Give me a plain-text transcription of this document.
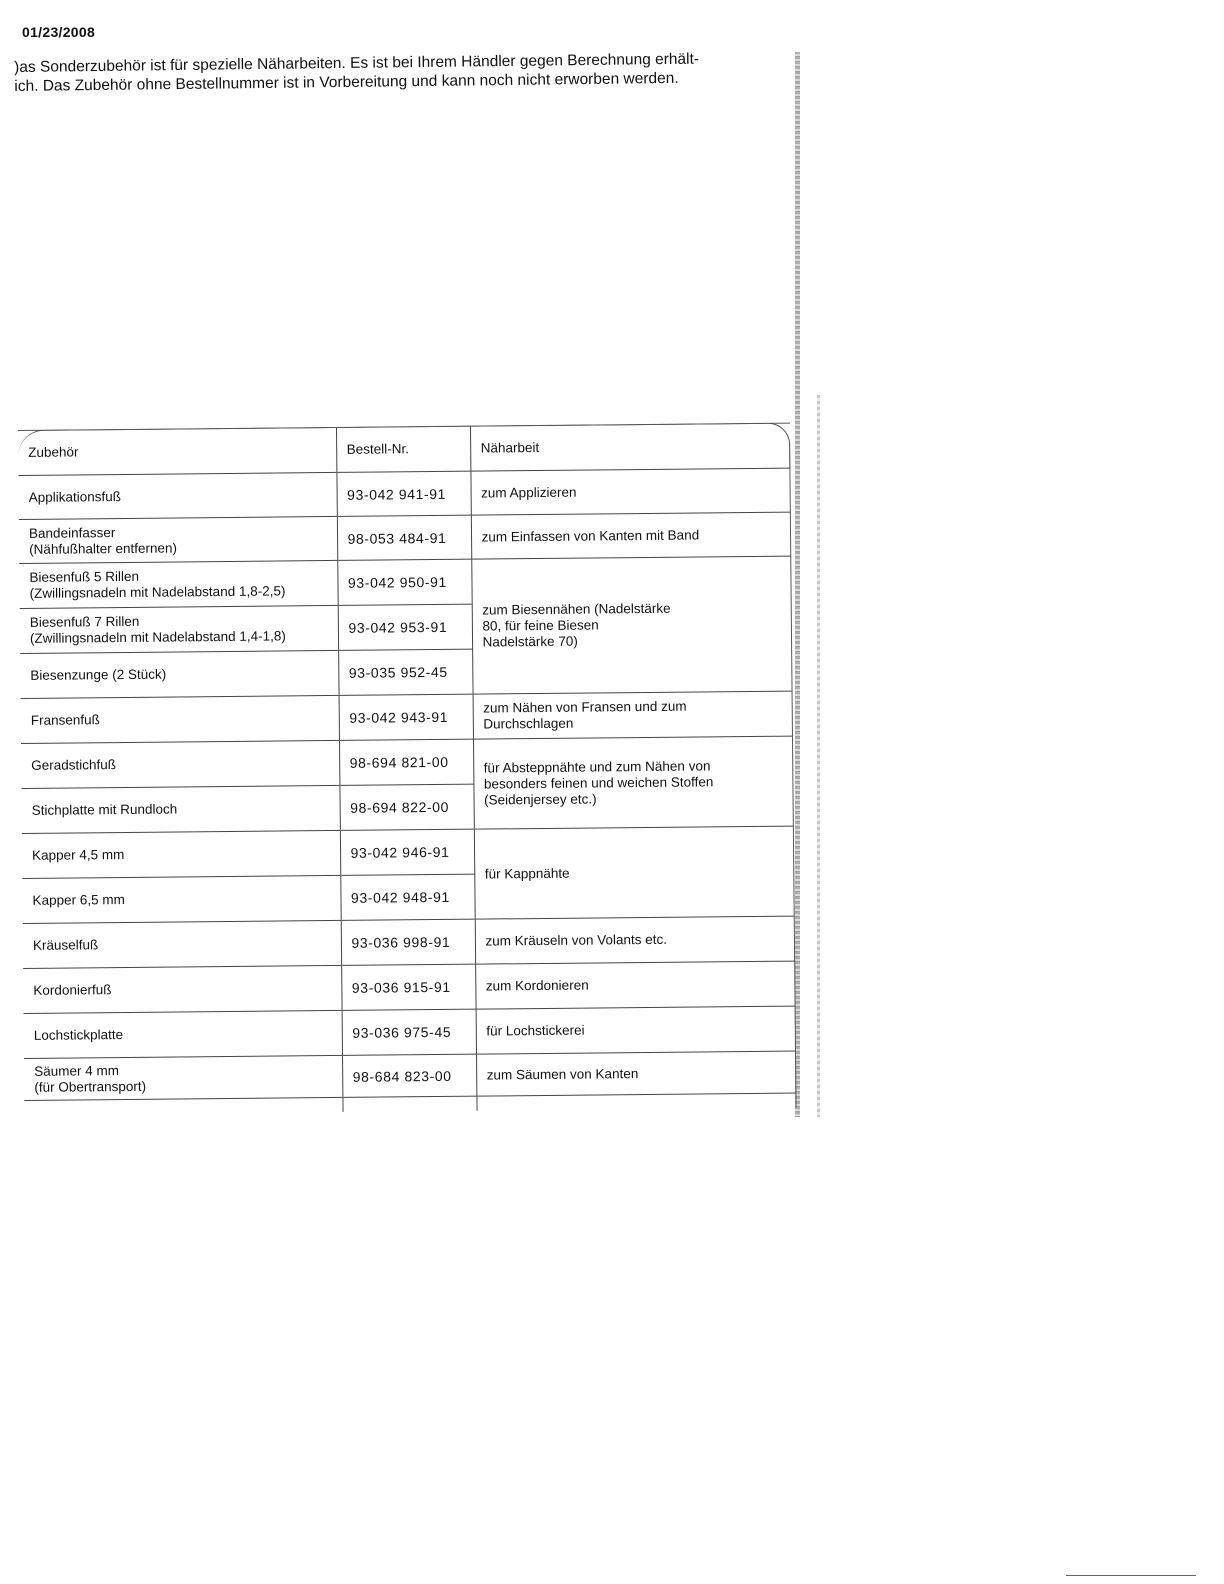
01/23/2008
)as Sonderzubehör ist für spezielle Näharbeiten. Es ist bei Ihrem Händler gegen Berechnung erhält-
ich. Das Zubehör ohne Bestellnummer ist in Vorbereitung und kann noch nicht erworben werden.
Zubehör	Bestell-Nr.	Näharbeit

Applikationsfuß	93-042 941-91	zum Applizieren

Bandeinfasser
(Nähfußhalter entfernen)	98-053 484-91	zum Einfassen von Kanten mit Band

Biesenfuß 5 Rillen
(Zwillingsnadeln mit Nadelabstand 1,8-2,5)	93-042 950-91	zum Biesennähen (Nadelstärke 80, für feine Biesen Nadelstärke 70)

Biesenfuß 7 Rillen
(Zwillingsnadeln mit Nadelabstand 1,4-1,8)	93-042 953-91	

Biesenzunge (2 Stück)	93-035 952-45	

Fransenfuß	93-042 943-91	zum Nähen von Fransen und zum Durchschlagen

Geradstichfuß	98-694 821-00	für Absteppnähte und zum Nähen von besonders feinen und weichen Stoffen (Seidenjersey etc.)

Stichplatte mit Rundloch	98-694 822-00	

Kapper 4,5 mm	93-042 946-91	für Kappnähte

Kapper 6,5 mm	93-042 948-91	

Kräuselfuß	93-036 998-91	zum Kräuseln von Volants etc.

Kordonierfuß	93-036 915-91	zum Kordonieren

Lochstickplatte	93-036 975-45	für Lochstickerei

Säumer 4 mm
(für Obertransport)	98-684 823-00	zum Säumen von Kanten
